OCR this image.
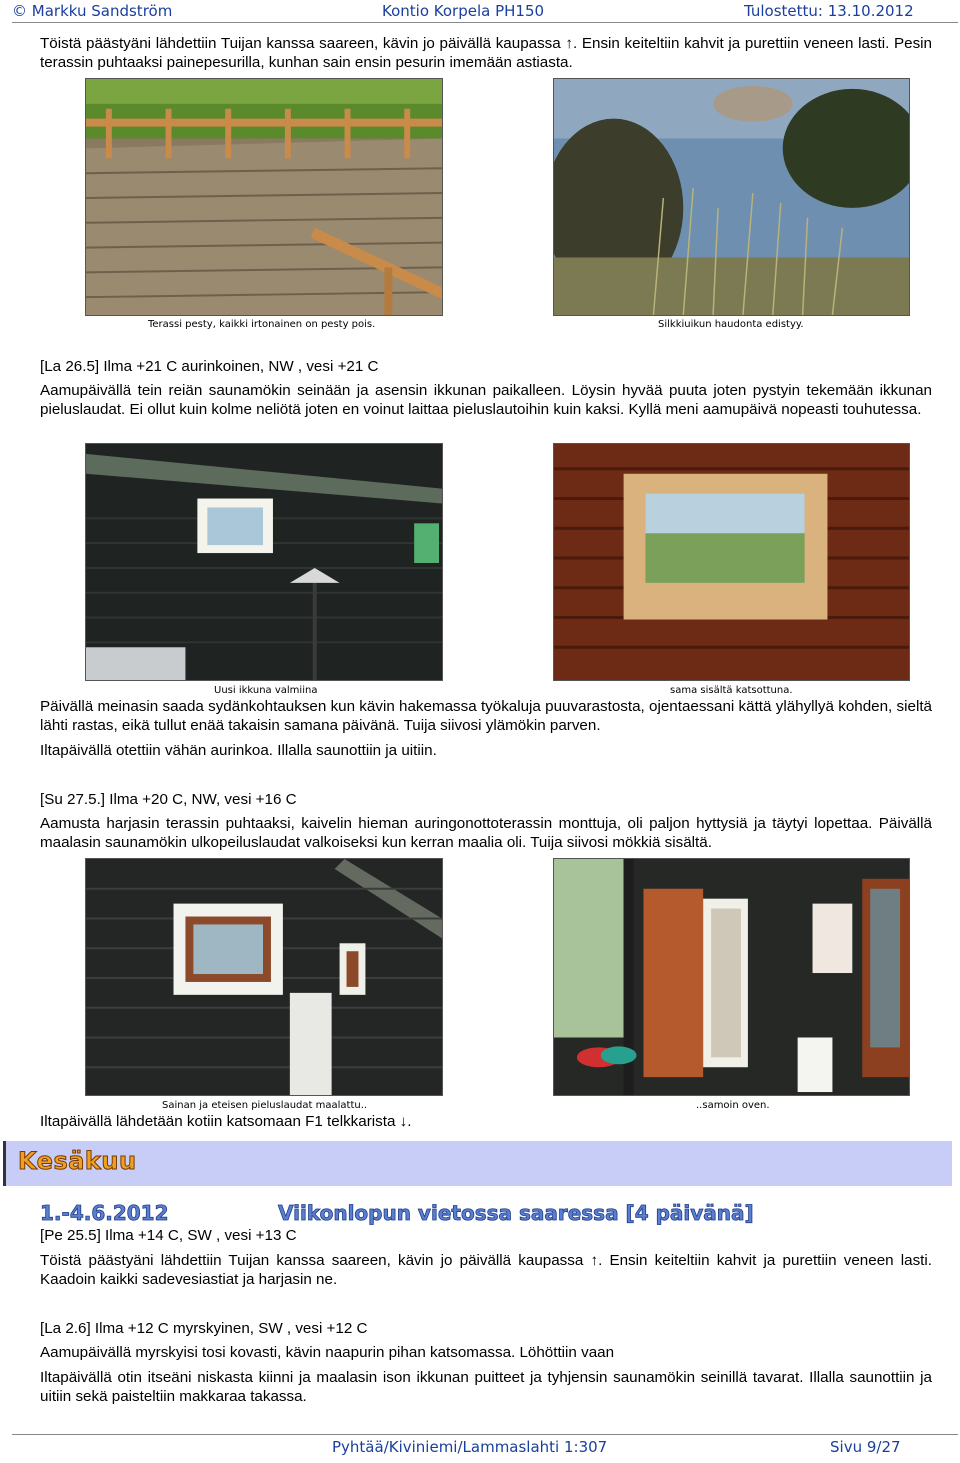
© Markku Sandström	Kontio Korpela PH150	Tulostettu: 13.10.2012

Töistä päästyäni lähdettiin Tuijan kanssa saareen, kävin jo päivällä kaupassa ↑. Ensin keiteltiin kahvit ja purettiin veneen lasti. Pesin terassin puhtaaksi painepesurilla, kunhan sain ensin pesurin imemään astiasta.

Terassi pesty, kaikki irtonainen on pesty pois.	Silkkiuikun haudonta edistyy.

[La 26.5] Ilma +21 C aurinkoinen, NW , vesi +21 C

Aamupäivällä tein reiän saunamökin seinään ja asensin ikkunan paikalleen. Löysin hyvää puuta joten pystyin tekemään ikkunan pieluslaudat. Ei ollut kuin kolme neliötä joten en voinut laittaa pieluslautoihin kuin kaksi. Kyllä meni aamupäivä nopeasti touhutessa.

Uusi ikkuna valmiina	sama sisältä katsottuna.

Päivällä meinasin saada sydänkohtauksen kun kävin hakemassa työkaluja puuvarastosta, ojentaessani kättä ylähyllyä kohden, sieltä lähti rastas, eikä tullut enää takaisin samana päivänä. Tuija siivosi ylämökin parven.

Iltapäivällä otettiin vähän aurinkoa. Illalla saunottiin ja uitiin.

[Su 27.5.] Ilma +20 C, NW, vesi +16 C

Aamusta harjasin terassin puhtaaksi, kaivelin hieman auringonottoterassin monttuja, oli paljon hyttysiä ja täytyi lopettaa. Päivällä maalasin saunamökin ulkopeiluslaudat valkoiseksi kun kerran maalia oli. Tuija siivosi mökkiä sisältä.

Sainan ja eteisen pieluslaudat maalattu..	..samoin oven.

Iltapäivällä lähdetään kotiin katsomaan F1 telkkarista ↓.

Kesäkuu
1.-4.6.2012	Viikonlopun vietossa saaressa [4 päivänä]

[Pe 25.5] Ilma +14 C, SW , vesi +13 C

Töistä päästyäni lähdettiin Tuijan kanssa saareen, kävin jo päivällä kaupassa ↑. Ensin keiteltiin kahvit ja purettiin veneen lasti. Kaadoin kaikki sadevesiastiat ja harjasin ne.

[La 2.6] Ilma +12 C myrskyinen, SW , vesi +12 C

Aamupäivällä myrskyisi tosi kovasti, kävin naapurin pihan katsomassa. Löhöttiin vaan

Iltapäivällä otin itseäni niskasta kiinni ja maalasin ison ikkunan puitteet ja tyhjensin saunamökin seinillä tavarat. Illalla saunottiin ja uitiin sekä paisteltiin makkaraa takassa.

Pyhtää/Kiviniemi/Lammaslahti 1:307	Sivu 9/27
